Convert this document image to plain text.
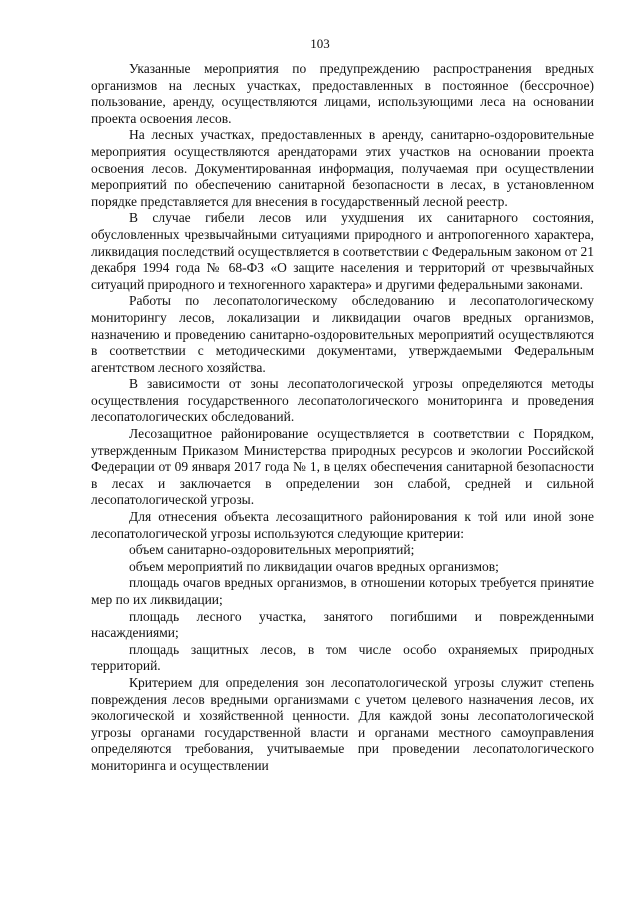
103

Указанные мероприятия по предупреждению распространения вредных организмов на лесных участках, предоставленных в постоянное (бессрочное) пользование, аренду, осуществляются лицами, использующими леса на основании проекта освоения лесов.

На лесных участках, предоставленных в аренду, санитарно-оздоровительные мероприятия осуществляются арендаторами этих участков на основании проекта освоения лесов. Документированная информация, получаемая при осуществлении мероприятий по обеспечению санитарной безопасности в лесах, в установленном порядке представляется для внесения в государственный лесной реестр.

В случае гибели лесов или ухудшения их санитарного состояния, обусловленных чрезвычайными ситуациями природного и антропогенного характера, ликвидация последствий осуществляется в соответствии с Федеральным законом от 21 декабря 1994 года № 68-ФЗ «О защите населения и территорий от чрезвычайных ситуаций природного и техногенного характера» и другими федеральными законами.

Работы по лесопатологическому обследованию и лесопатологическому мониторингу лесов, локализации и ликвидации очагов вредных организмов, назначению и проведению санитарно-оздоровительных мероприятий осуществляются в соответствии с методическими документами, утверждаемыми Федеральным агентством лесного хозяйства.

В зависимости от зоны лесопатологической угрозы определяются методы осуществления государственного лесопатологического мониторинга и проведения лесопатологических обследований.

Лесозащитное районирование осуществляется в соответствии с Порядком, утвержденным Приказом Министерства природных ресурсов и экологии Российской Федерации от 09 января 2017 года № 1, в целях обеспечения санитарной безопасности в лесах и заключается в определении зон слабой, средней и сильной лесопатологической угрозы.

Для отнесения объекта лесозащитного районирования к той или иной зоне лесопатологической угрозы используются следующие критерии:

объем санитарно-оздоровительных мероприятий;

объем мероприятий по ликвидации очагов вредных организмов;

площадь очагов вредных организмов, в отношении которых требуется принятие мер по их ликвидации;

площадь лесного участка, занятого погибшими и поврежденными насаждениями;

площадь защитных лесов, в том числе особо охраняемых природных территорий.

Критерием для определения зон лесопатологической угрозы служит степень повреждения лесов вредными организмами с учетом целевого назначения лесов, их экологической и хозяйственной ценности. Для каждой зоны лесопатологической угрозы органами государственной власти и органами местного самоуправления определяются требования, учитываемые при проведении лесопатологического мониторинга и осуществлении
